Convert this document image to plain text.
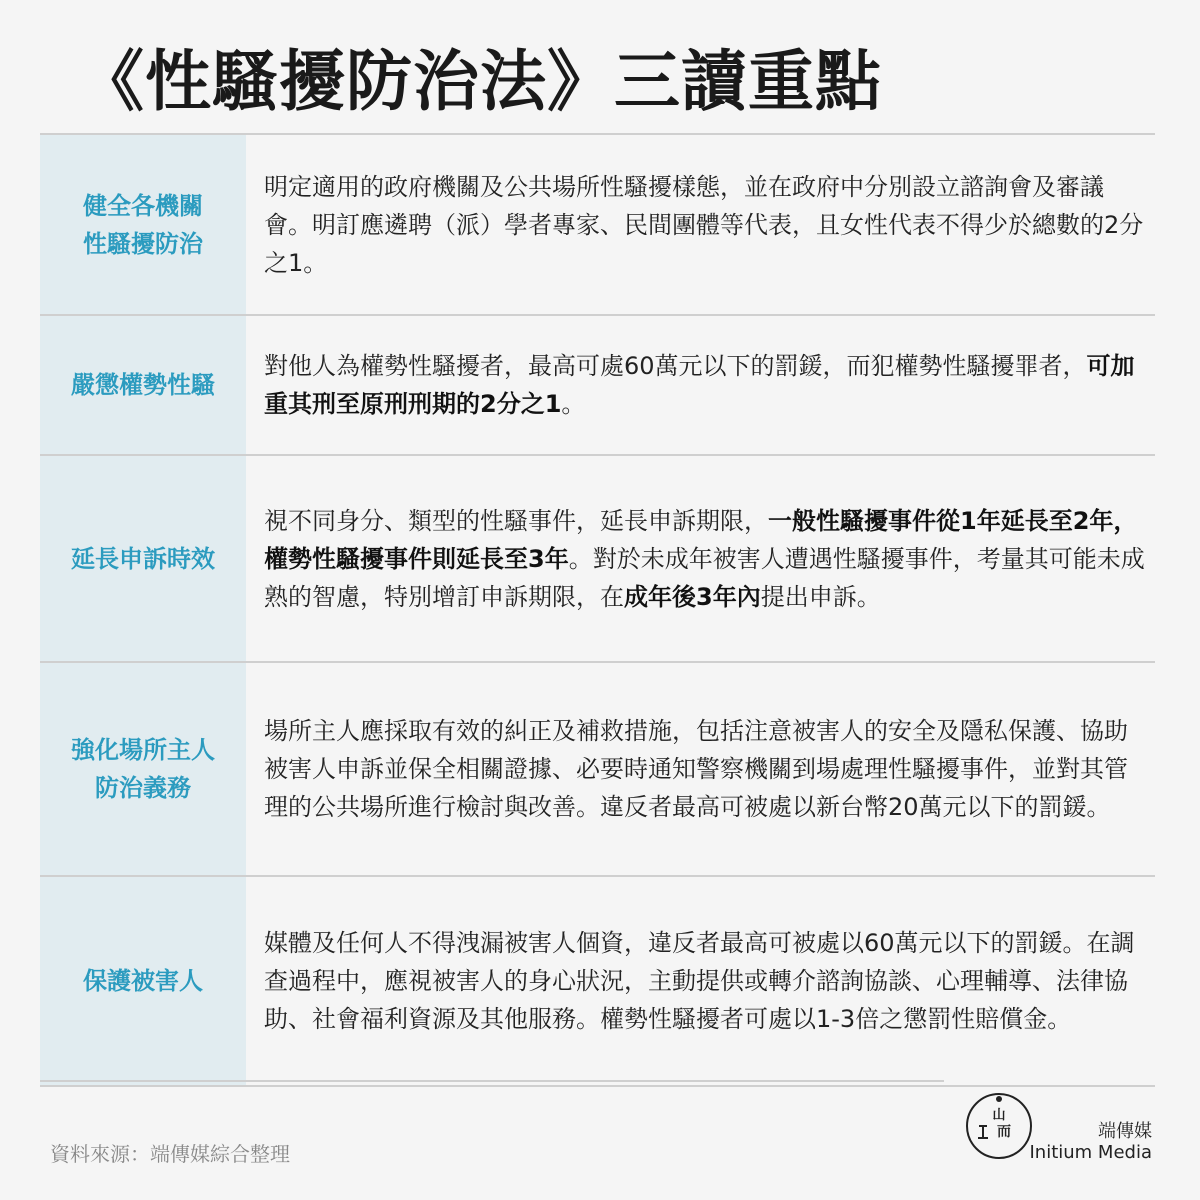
《性騷擾防治法》三讀重點
健全各機關
性騷擾防治

明定適用的政府機關及公共場所性騷擾樣態，並在政府中分別設立諮詢會及審議會。明訂應遴聘（派）學者專家、民間團體等代表，且女性代表不得少於總數的2分之1。

嚴懲權勢性騷

對他人為權勢性騷擾者，最高可處60萬元以下的罰鍰，而犯權勢性騷擾罪者，可加重其刑至原刑刑期的2分之1。

延長申訴時效

視不同身分、類型的性騷事件，延長申訴期限，一般性騷擾事件從1年延長至2年，權勢性騷擾事件則延長至3年。對於未成年被害人遭遇性騷擾事件，考量其可能未成熟的智慮，特別增訂申訴期限，在成年後3年內提出申訴。

強化場所主人
防治義務

場所主人應採取有效的糾正及補救措施，包括注意被害人的安全及隱私保護、協助被害人申訴並保全相關證據、必要時通知警察機關到場處理性騷擾事件，並對其管理的公共場所進行檢討與改善。違反者最高可被處以新台幣20萬元以下的罰鍰。

保護被害人

媒體及任何人不得洩漏被害人個資，違反者最高可被處以60萬元以下的罰鍰。在調查過程中，應視被害人的身心狀況，主動提供或轉介諮詢協談、心理輔導、法律協助、社會福利資源及其他服務。權勢性騷擾者可處以1-3倍之懲罰性賠償金。

資料來源：端傳媒綜合整理
山
而	端傳媒
Initium Media
